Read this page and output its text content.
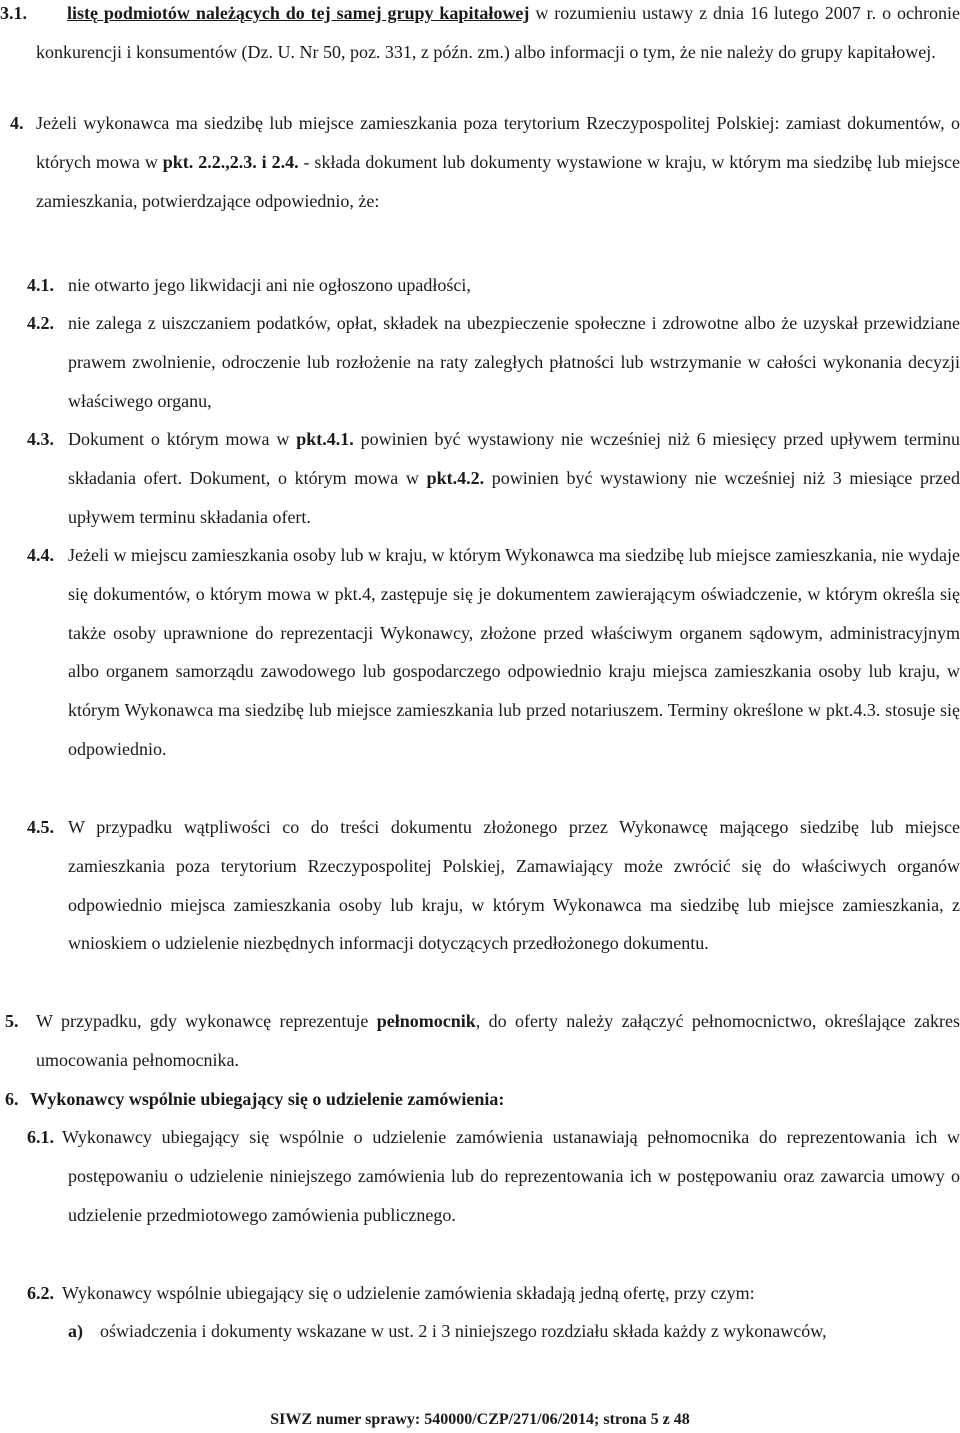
3.1.	listę podmiotów należących do tej samej grupy kapitałowej w rozumieniu ustawy z dnia 16 lutego 2007 r. o ochronie konkurencji i konsumentów (Dz. U. Nr 50, poz. 331, z późn. zm.) albo informacji o tym, że nie należy do grupy kapitałowej.
4. Jeżeli wykonawca ma siedzibę lub miejsce zamieszkania poza terytorium Rzeczypospolitej Polskiej: zamiast dokumentów, o których mowa w pkt. 2.2.,2.3. i 2.4. - składa dokument lub dokumenty wystawione w kraju, w którym ma siedzibę lub miejsce zamieszkania, potwierdzające odpowiednio, że:
4.1. nie otwarto jego likwidacji ani nie ogłoszono upadłości,
4.2. nie zalega z uiszczaniem podatków, opłat, składek na ubezpieczenie społeczne i zdrowotne albo że uzyskał przewidziane prawem zwolnienie, odroczenie lub rozłożenie na raty zaległych płatności lub wstrzymanie w całości wykonania decyzji właściwego organu,
4.3. Dokument o którym mowa w pkt.4.1. powinien być wystawiony nie wcześniej niż 6 miesięcy przed upływem terminu składania ofert. Dokument, o którym mowa w pkt.4.2. powinien być wystawiony nie wcześniej niż 3 miesiące przed upływem terminu składania ofert.
4.4. Jeżeli w miejscu zamieszkania osoby lub w kraju, w którym Wykonawca ma siedzibę lub miejsce zamieszkania, nie wydaje się dokumentów, o którym mowa w pkt.4, zastępuje się je dokumentem zawierającym oświadczenie, w którym określa się także osoby uprawnione do reprezentacji Wykonawcy, złożone przed właściwym organem sądowym, administracyjnym albo organem samorządu zawodowego lub gospodarczego odpowiednio kraju miejsca zamieszkania osoby lub kraju, w którym Wykonawca ma siedzibę lub miejsce zamieszkania lub przed notariuszem. Terminy określone w pkt.4.3. stosuje się odpowiednio.
4.5. W przypadku wątpliwości co do treści dokumentu złożonego przez Wykonawcę mającego siedzibę lub miejsce zamieszkania poza terytorium Rzeczypospolitej Polskiej, Zamawiający może zwrócić się do właściwych organów odpowiednio miejsca zamieszkania osoby lub kraju, w którym Wykonawca ma siedzibę lub miejsce zamieszkania, z wnioskiem o udzielenie niezbędnych informacji dotyczących przedłożonego dokumentu.
5. W przypadku, gdy wykonawcę reprezentuje pełnomocnik, do oferty należy załączyć pełnomocnictwo, określające zakres umocowania pełnomocnika.
6. Wykonawcy wspólnie ubiegający się o udzielenie zamówienia:
6.1. Wykonawcy ubiegający się wspólnie o udzielenie zamówienia ustanawiają pełnomocnika do reprezentowania ich w postępowaniu o udzielenie niniejszego zamówienia lub do reprezentowania ich w postępowaniu oraz zawarcia umowy o udzielenie przedmiotowego zamówienia publicznego.
6.2. Wykonawcy wspólnie ubiegający się o udzielenie zamówienia składają jedną ofertę, przy czym:
a) oświadczenia i dokumenty wskazane w ust. 2 i 3 niniejszego rozdziału składa każdy z wykonawców,
SIWZ numer sprawy: 540000/CZP/271/06/2014; strona 5 z 48
